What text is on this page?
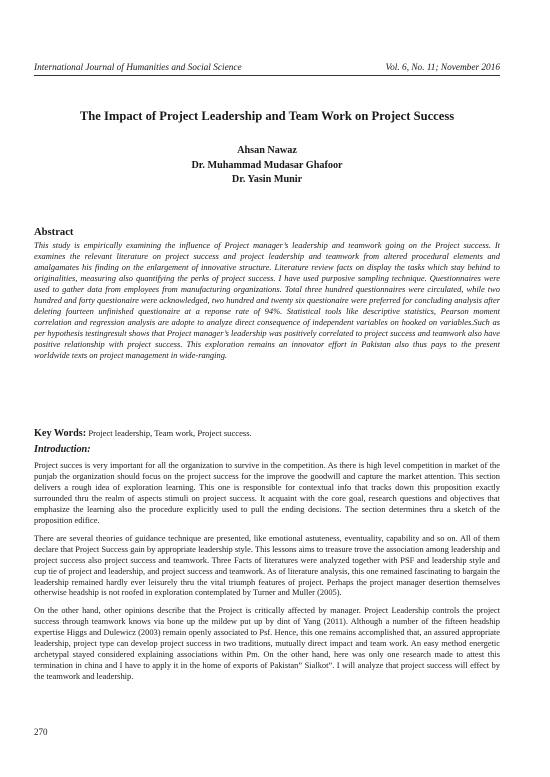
International Journal of Humanities and Social Science	Vol. 6, No. 11; November 2016
The Impact of Project Leadership and Team Work on Project Success
Ahsan Nawaz
Dr. Muhammad Mudasar Ghafoor
Dr. Yasin Munir
Abstract
This study is empirically examining the influence of Project manager’s leadership and teamwork going on the Project success. It examines the relevant literature on project success and project leadership and teamwork from altered procedural elements and amalgamates his finding on the enlargement of innovative structure. Literature review facts on display the tasks which stay behind to originalities, measuring also quantifying the perks of project success. I have used purposive sampling technique. Questionnaires were used to gather data from employees from manufacturing organizations. Total three hundred questionnaires were circulated, while two hundred and forty questionaire were acknowledged, two hundred and twenty six questionaire were preferred for concluding analysis after deleting fourteen unfinished questionaire at a reponse rate of 94%. Statistical tools like descriptive statistics, Pearson moment correlation and regression analysis are adopte to analyze direct consequence of independent variables on hooked on variables.Such as per hypothesis testingresult shows that Project manager’s leadership was positively correlated to project success and teamwork also have positive relationship with project success. This exploration remains an innovator effort in Pakistan also thus pays to the present worldwide texts on project management in wide-ranging.
Key Words: Project leadership, Team work, Project success.
Introduction:

Project succes is very important for all the organization to survive in the competition. As there is high level competition in market of the punjab the organization should focus on the project success for the improve the goodwill and capture the market attention. This section delivers a rough idea of exploration learning. This one is responsible for contextual info that tracks down this proposition exactly surrounded thru the realm of aspects stimuli on project success. It acquaint with the core goal, research questions and objectives that emphasize the learning also the procedure explicitly used to pull the ending decisions. The section determines thru a sketch of the proposition edifice.

There are several theories of guidance technique are presented, like emotional astuteness, eventuality, capability and so on. All of them declare that Project Success gain by appropriate leadership style. This lessons aims to treasure trove the association among leadership and project success also project success and teamwork. Three Facts of literatures were analyzed together with PSF and leadership style and cup tie of project and leadership, and project success and teamwork. As of literature analysis, this one remained fascinating to bargain the leadership remained hardly ever leisurely thru the vital triumph features of project. Perhaps the project manager desertion themselves otherwise headship is not roofed in exploration contemplated by Turner and Muller (2005).

On the other hand, other opinions describe that the Project is critically affected by manager. Project Leadership controls the project success through teamwork knows via bone up the mildew put up by dint of Yang (2011). Although a number of the fifteen headship expertise Higgs and Dulewicz (2003) remain openly associated to Psf. Hence, this one remains accomplished that, an assured appropriate leadership, project type can develop project success in two traditions, mutually direct impact and team work. An easy method energetic archetypal stayed considered explaining associations within Pm. On the other hand, here was only one research made to attest this termination in china and I have to apply it in the home of exports of Pakistan” Sialkot”. I will analyze that project success will effect by the teamwork and leadership.

270
